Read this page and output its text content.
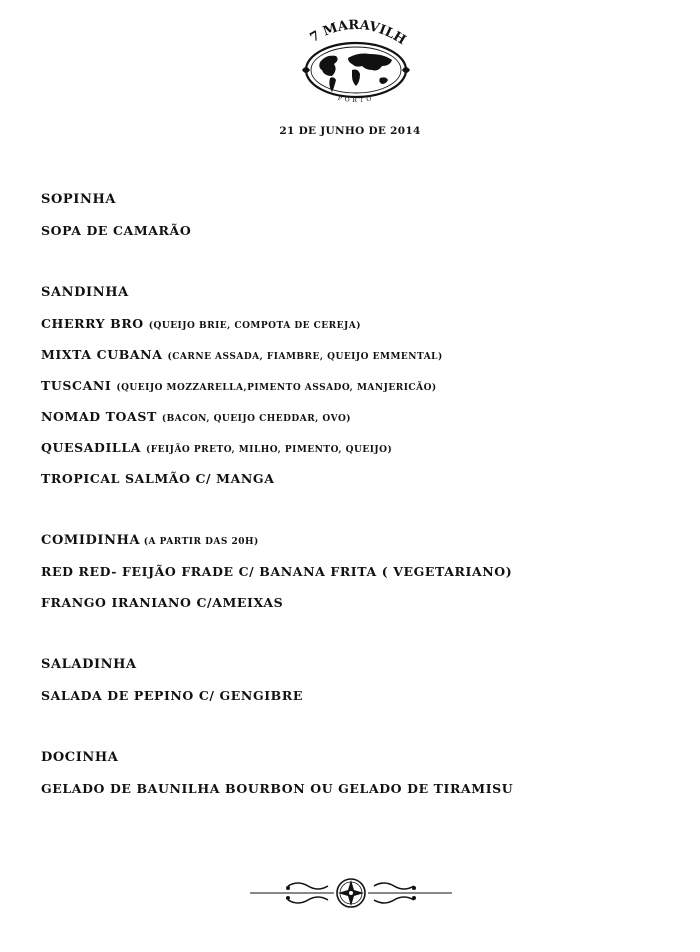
7 MARAVILH
PORTO
21 DE JUNHO DE 2014
SOPINHA
SOPA DE CAMARÃO
SANDINHA
CHERRY BRO (QUEIJO BRIE, COMPOTA DE CEREJA)
MIXTA CUBANA (CARNE ASSADA, FIAMBRE, QUEIJO EMMENTAL)
TUSCANI (QUEIJO MOZZARELLA,PIMENTO ASSADO, MANJERICÃO)
NOMAD TOAST (BACON, QUEIJO CHEDDAR, OVO)
QUESADILLA (FEIJÃO PRETO, MILHO, PIMENTO, QUEIJO)
TROPICAL SALMÃO C/ MANGA
COMIDINHA (A PARTIR DAS 20H)
RED RED- FEIJÃO FRADE C/ BANANA FRITA ( VEGETARIANO)
FRANGO IRANIANO C/AMEIXAS
SALADINHA
SALADA DE PEPINO C/ GENGIBRE
DOCINHA
GELADO DE BAUNILHA BOURBON OU GELADO DE TIRAMISU
